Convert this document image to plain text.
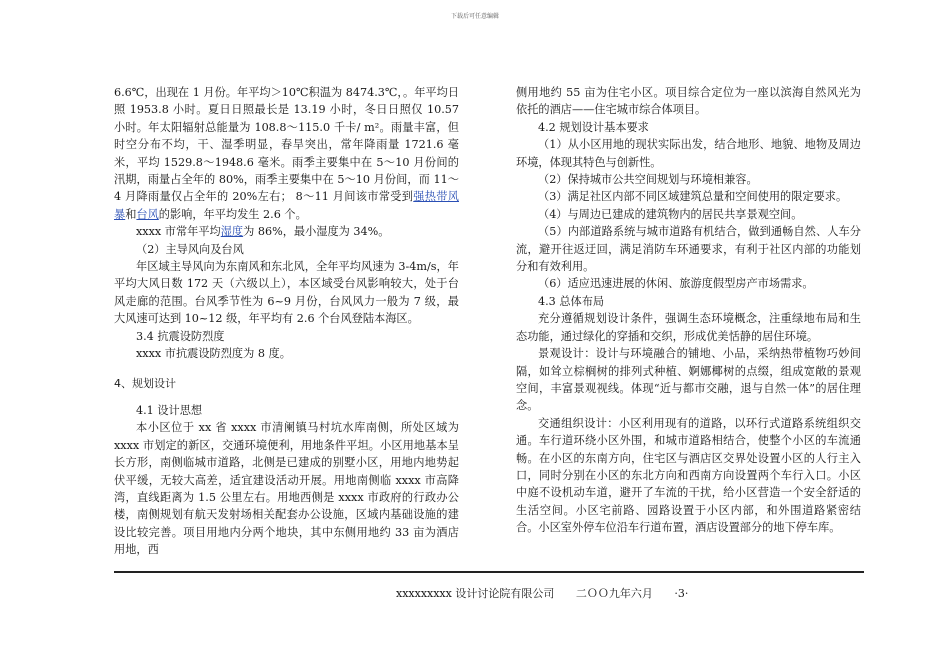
下载后可任意编辑

6.6℃，出现在 1 月份。年平均＞10℃积温为 8474.3℃，。年平均日照 1953.8 小时。夏日日照最长是 13.19 小时，冬日日照仅 10.57 小时。年太阳辐射总能量为 108.8～115.0 千卡/ m²。雨量丰富，但时空分布不均，干、湿季明显，春旱突出，常年降雨量 1721.6 毫米，平均 1529.8～1948.6 毫米。雨季主要集中在 5～10 月份间的汛期，雨量占全年的 80%，雨季主要集中在 5～10 月份间，而 11～4 月降雨量仅占全年的 20%左右； 8～11 月间该市常受到强热带风暴和台风的影响，年平均发生 2.6 个。

xxxx 市常年平均湿度为 86%，最小湿度为 34%。

（2）主导风向及台风

年区域主导风向为东南风和东北风，全年平均风速为 3-4m/s，年平均大风日数 172 天（六级以上），本区域受台风影响较大，处于台风走廊的范围。台风季节性为 6~9 月份，台风风力一般为 7 级，最大风速可达到 10~12 级，年平均有 2.6 个台风登陆本海区。

3.4 抗震设防烈度

xxxx 市抗震设防烈度为 8 度。

4、规划设计

4.1 设计思想

本小区位于 xx 省 xxxx 市清阑镇马村坑水库南侧，所处区域为 xxxx 市划定的新区，交通环境便利，用地条件平坦。小区用地基本呈长方形，南侧临城市道路，北侧是已建成的别墅小区，用地内地势起伏平缓，无较大高差，适宜建设活动开展。用地南侧临 xxxx 市高降湾，直线距离为 1.5 公里左右。用地西侧是 xxxx 市政府的行政办公楼，南侧规划有航天发射场相关配套办公设施，区域内基础设施的建设比较完善。项目用地内分两个地块，其中东侧用地约 33 亩为酒店用地，西

侧用地约 55 亩为住宅小区。项目综合定位为一座以滨海自然风光为依托的酒店——住宅城市综合体项目。

4.2 规划设计基本要求

（1）从小区用地的现状实际出发，结合地形、地貌、地物及周边环境，体现其特色与创新性。

（2）保持城市公共空间规划与环境相兼容。

（3）满足社区内部不同区域建筑总量和空间使用的限定要求。

（4）与周边已建成的建筑物内的居民共享景观空间。

（5）内部道路系统与城市道路有机结合，做到通畅自然、人车分流，避开往返迂回，满足消防车环通要求，有利于社区内部的功能划分和有效利用。

（6）适应迅速进展的休闲、旅游度假型房产市场需求。

4.3 总体布局

充分遵循规划设计条件，强调生态环境概念，注重绿地布局和生态功能，通过绿化的穿插和交织，形成优美恬静的居住环境。

景观设计：设计与环境融合的铺地、小品，采纳热带植物巧妙间隔，如耸立棕榈树的排列式种植、婀娜椰树的点缀，组成宽敞的景观空间，丰富景观视线。体现“近与都市交融，退与自然一体”的居住理念。

交通组织设计：小区利用现有的道路，以环行式道路系统组织交通。车行道环绕小区外围，和城市道路相结合，使整个小区的车流通畅。在小区的东南方向，住宅区与酒店区交界处设置小区的人行主入口，同时分别在小区的东北方向和西南方向设置两个车行入口。小区中庭不设机动车道，避开了车流的干扰，给小区营造一个安全舒适的生活空间。小区宅前路、园路设置于小区内部，和外围道路紧密结合。小区室外停车位沿车行道布置，酒店设置部分的地下停车库。

xxxxxxxxx 设计讨论院有限公司 二ＯＯ九年六月 ·3·
